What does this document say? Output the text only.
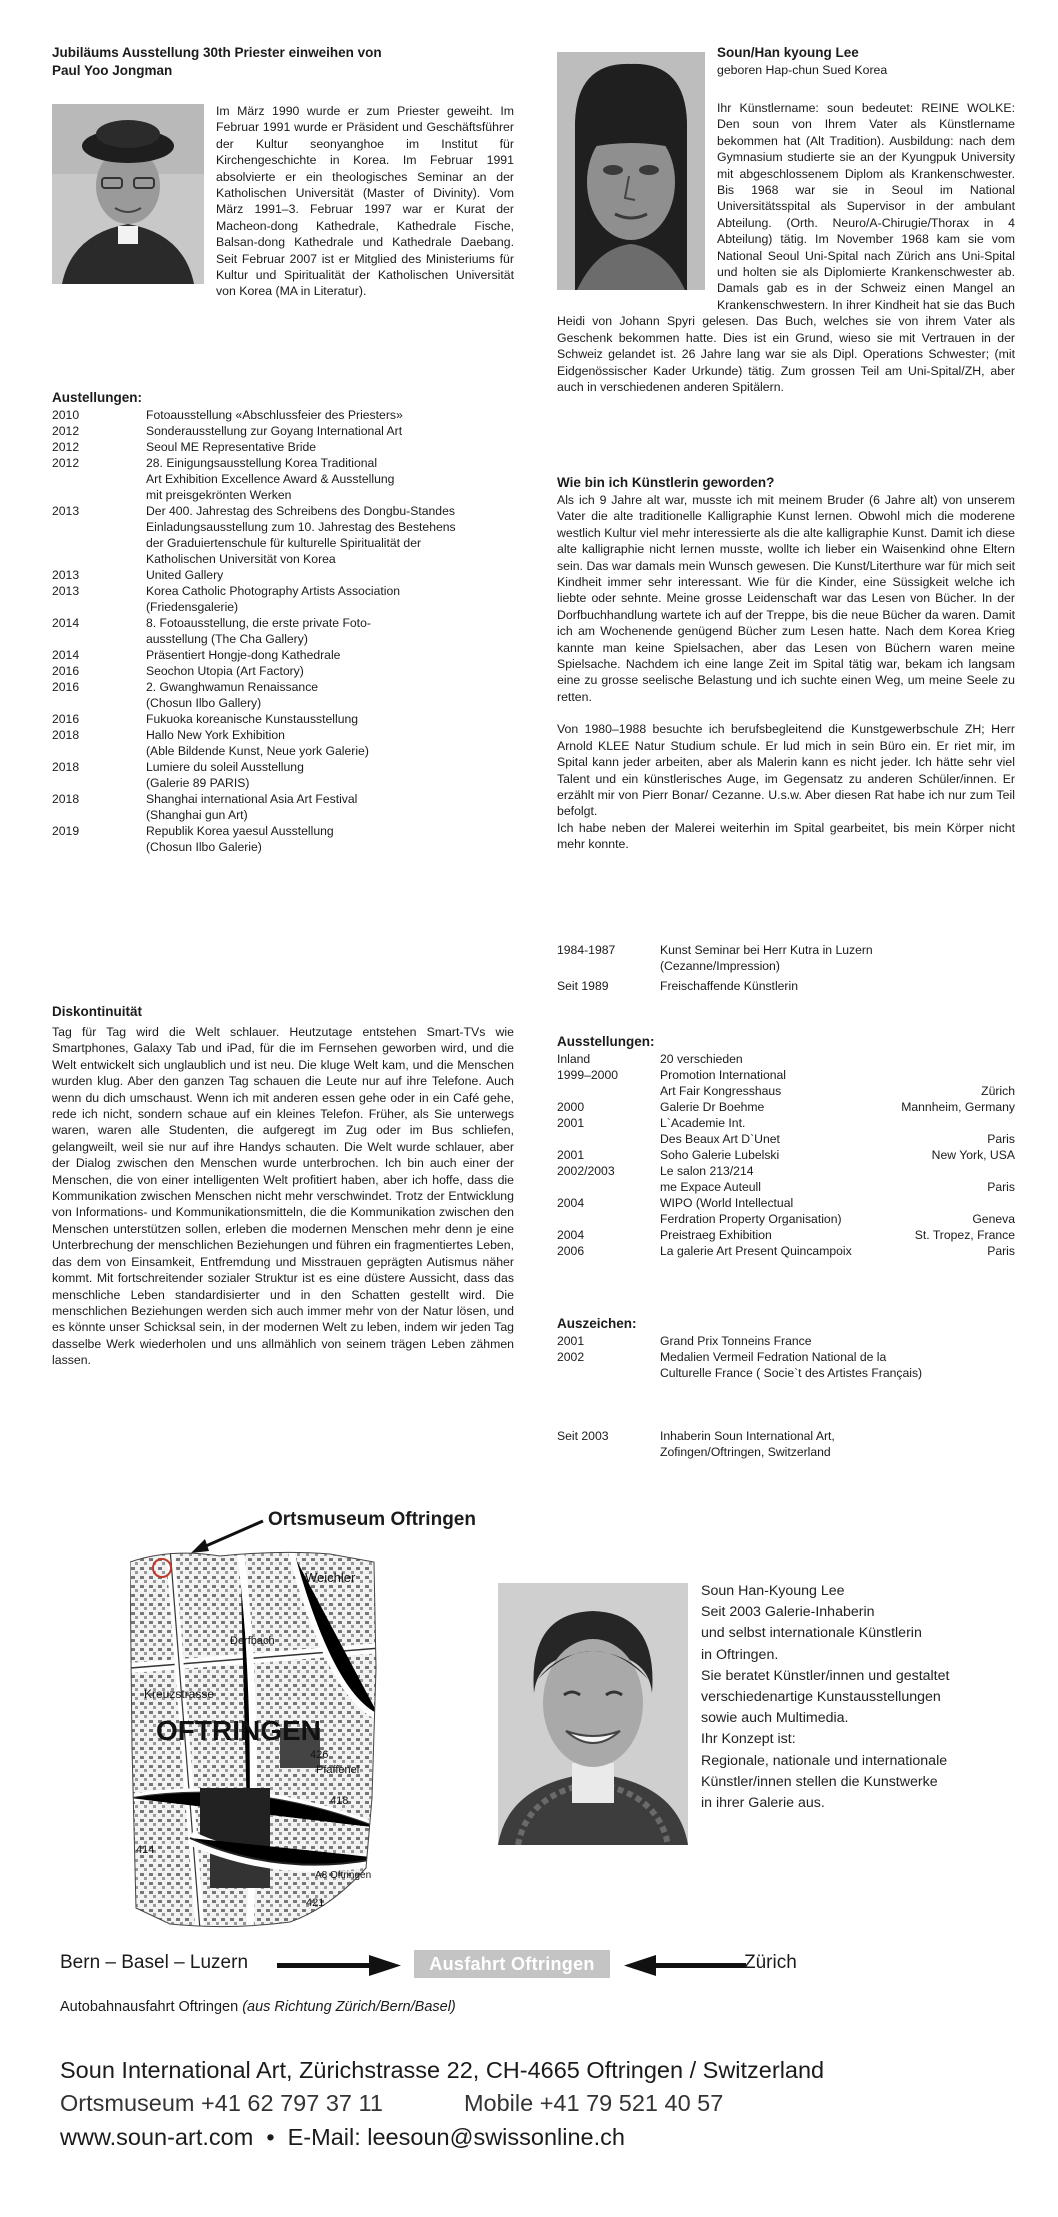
Jubiläums Ausstellung 30th Priester einweihen von
Paul Yoo Jongman
Im März 1990 wurde er zum Priester geweiht. Im Februar 1991 wurde er Präsident und Geschäftsführer der Kultur seonyanghoe im Institut für Kirchengeschichte in Korea. Im Februar 1991 absolvierte er ein theologisches Seminar an der Katholischen Universität (Master of Divinity). Vom März 1991–3. Februar 1997 war er Kurat der Macheon-dong Kathedrale, Kathedrale Fische, Balsan-dong Kathedrale und Kathedrale Daebang. Seit Februar 2007 ist er Mitglied des Ministeriums für Kultur und Spiritualität der Katholischen Universität von Korea (MA in Literatur).
Austellungen:
2010	Fotoausstellung «Abschlussfeier des Priesters»

2012	Sonderausstellung zur Goyang International Art

2012	Seoul ME Representative Bride

2012	28. Einigungsausstellung Korea Traditional
Art Exhibition Excellence Award & Ausstellung
mit preisgekrönten Werken

2013	Der 400. Jahrestag des Schreibens des Dongbu-Standes
Einladungsausstellung zum 10. Jahrestag des Bestehens
der Graduiertenschule für kulturelle Spiritualität der
Katholischen Universität von Korea

2013	United Gallery

2013	Korea Catholic Photography Artists Association
(Friedensgalerie)

2014	8. Fotoausstellung, die erste private Foto-
ausstellung (The Cha Gallery)

2014	Präsentiert Hongje-dong Kathedrale

2016	Seochon Utopia (Art Factory)

2016	2. Gwanghwamun Renaissance
(Chosun Ilbo Gallery)

2016	Fukuoka koreanische Kunstausstellung

2018	Hallo New York Exhibition
(Able Bildende Kunst, Neue york Galerie)

2018	Lumiere du soleil Ausstellung
(Galerie 89 PARIS)

2018	Shanghai international Asia Art Festival
(Shanghai gun Art)

2019	Republik Korea yaesul Ausstellung
(Chosun Ilbo Galerie)
Diskontinuität
Tag für Tag wird die Welt schlauer. Heutzutage entstehen Smart-TVs wie Smartphones, Galaxy Tab und iPad, für die im Fernsehen geworben wird, und die Welt entwickelt sich unglaublich und ist neu. Die kluge Welt kam, und die Menschen wurden klug. Aber den ganzen Tag schauen die Leute nur auf ihre Telefone. Auch wenn du dich umschaust. Wenn ich mit anderen essen gehe oder in ein Café gehe, rede ich nicht, sondern schaue auf ein kleines Telefon. Früher, als Sie unterwegs waren, waren alle Studenten, die aufgeregt im Zug oder im Bus schliefen, gelangweilt, weil sie nur auf ihre Handys schauten. Die Welt wurde schlauer, aber der Dialog zwischen den Menschen wurde unterbrochen. Ich bin auch einer der Menschen, die von einer intelligenten Welt profitiert haben, aber ich hoffe, dass die Kommunikation zwischen Menschen nicht mehr verschwindet. Trotz der Entwicklung von Informations- und Kommunikationsmitteln, die die Kommunikation zwischen den Menschen unterstützen sollen, erleben die modernen Menschen mehr denn je eine Unterbrechung der menschlichen Beziehungen und führen ein fragmentiertes Leben, das dem von Einsamkeit, Entfremdung und Misstrauen geprägten Autismus näher kommt. Mit fortschreitender sozialer Struktur ist es eine düstere Aussicht, dass das menschliche Leben standardisierter und in den Schatten gestellt wird. Die menschlichen Beziehungen werden sich auch immer mehr von der Natur lösen, und es könnte unser Schicksal sein, in der modernen Welt zu leben, indem wir jeden Tag dasselbe Werk wiederholen und uns allmählich von seinem trägen Leben zähmen lassen.
Soun/Han kyoung Lee
geboren Hap-chun Sued Korea
Ihr Künstlername: soun bedeutet: REINE WOLKE: Den soun von Ihrem Vater als Künstlername bekommen hat (Alt Tradition). Ausbildung: nach dem Gymnasium studierte sie an der Kyungpuk University mit abgeschlossenem Diplom als Krankenschwester. Bis 1968 war sie in Seoul im National Universitätsspital als Supervisor in der ambulant Abteilung. (Orth. Neuro/A-Chirugie/Thorax in 4 Abteilung) tätig. Im November 1968 kam sie vom National Seoul Uni-Spital nach Zürich ans Uni-Spital und holten sie als Diplomierte Krankenschwester ab. Damals gab es in der Schweiz einen Mangel an Krankenschwestern. In ihrer Kindheit hat sie das Buch Heidi von Johann Spyri gelesen. Das Buch, welches sie von ihrem Vater als Geschenk bekommen hatte. Dies ist ein Grund, wieso sie mit Vertrauen in der Schweiz gelandet ist. 26 Jahre lang war sie als Dipl. Operations Schwester; (mit Eidgenössischer Kader Urkunde) tätig. Zum grossen Teil am Uni-Spital/ZH, aber auch in verschiedenen anderen Spitälern.
Wie bin ich Künstlerin geworden?
Als ich 9 Jahre alt war, musste ich mit meinem Bruder (6 Jahre alt) von unserem Vater die alte traditionelle Kalligraphie Kunst lernen. Obwohl mich die moderene westlich Kultur viel mehr interessierte als die alte kalligraphie Kunst. Damit ich diese alte kalligraphie nicht lernen musste, wollte ich lieber ein Waisenkind ohne Eltern sein. Das war damals mein Wunsch gewesen. Die Kunst/Literthure war für mich seit Kindheit immer sehr interessant. Wie für die Kinder, eine Süssigkeit welche ich liebte oder sehnte. Meine grosse Leidenschaft war das Lesen von Bücher. In der Dorfbuchhandlung wartete ich auf der Treppe, bis die neue Bücher da waren. Damit ich am Wochenende genügend Bücher zum Lesen hatte. Nach dem Korea Krieg kannte man keine Spielsachen, aber das Lesen von Büchern waren meine Spielsache. Nachdem ich eine lange Zeit im Spital tätig war, bekam ich langsam eine zu grosse seelische Belastung und ich suchte einen Weg, um meine Seele zu retten.
Von 1980–1988 besuchte ich berufsbegleitend die Kunstgewerbschule ZH; Herr Arnold KLEE Natur Studium schule. Er lud mich in sein Büro ein. Er riet mir, im Spital kann jeder arbeiten, aber als Malerin kann es nicht jeder. Ich hätte sehr viel Talent und ein künstlerisches Auge, im Gegensatz zu anderen Schüler/innen. Er erzählt mir von Pierr Bonar/ Cezanne. U.s.w. Aber diesen Rat habe ich nur zum Teil befolgt.
Ich habe neben der Malerei weiterhin im Spital gearbeitet, bis mein Körper nicht mehr konnte.
1984-1987	Kunst Seminar bei Herr Kutra in Luzern
(Cezanne/Impression)

Seit 1989	Freischaffende Künstlerin
Ausstellungen:
Inland	20 verschieden	
1999–2000	Promotion International	
	Art Fair Kongresshaus	Zürich
2000	Galerie Dr Boehme	Mannheim, Germany
2001	L`Academie Int.	
	Des Beaux Art D`Unet	Paris
2001	Soho Galerie Lubelski	New York, USA
2002/2003	Le salon 213/214	
	me Expace Auteull	Paris
2004	WIPO (World Intellectual	
	Ferdration Property Organisation)	Geneva
2004	Preistraeg Exhibition	St. Tropez, France
2006	La galerie Art Present Quincampoix	Paris
Auszeichen:
2001	Grand Prix Tonneins France

2002	Medalien Vermeil Fedration National de la
Culturelle France ( Socie`t des Artistes Français)
Seit 2003	Inhaberin Soun International Art,
Zofingen/Oftringen, Switzerland
Ortsmuseum Oftringen
Weichler
Dorfbach
Kreuzstrasse
OFTRINGEN
Pfaffenel
426
414
421
418
A8 Oftringen
Soun Han-Kyoung Lee
Seit 2003 Galerie-Inhaberin
und selbst internationale Künstlerin
in Oftringen.
Sie beratet Künstler/innen und gestaltet
verschiedenartige Kunstausstellungen
sowie auch Multimedia.
Ihr Konzept ist:
Regionale, nationale und internationale
Künstler/innen stellen die Kunstwerke
in ihrer Galerie aus.
Bern – Basel – Luzern	Ausfahrt Oftringen	Zürich
Autobahnausfahrt Oftringen (aus Richtung Zürich/Bern/Basel)
Soun International Art, Zürichstrasse 22, CH-4665 Oftringen / Switzerland
Ortsmuseum +41 62 797 37 11	Mobile +41 79 521 40 57
www.soun-art.com  •  E-Mail: leesoun@swissonline.ch
